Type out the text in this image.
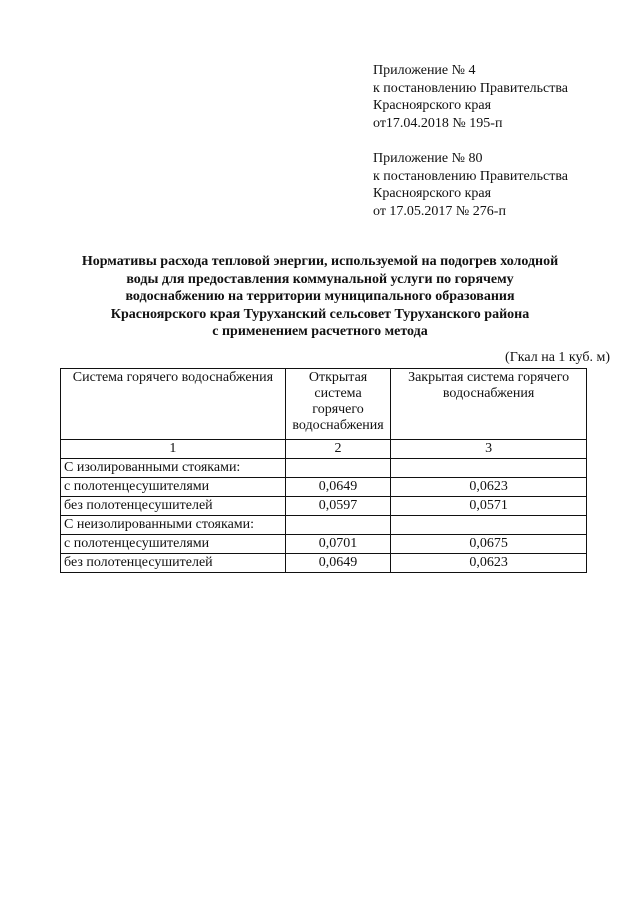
Приложение № 4
к постановлению Правительства
Красноярского края
от17.04.2018 № 195-п
Приложение № 80
к постановлению Правительства
Красноярского края
от 17.05.2017 № 276-п
Нормативы расхода тепловой энергии, используемой на подогрев холодной
воды для предоставления коммунальной услуги по горячему
водоснабжению на территории муниципального образования
Красноярского края Туруханский сельсовет Туруханского района
с применением расчетного метода
(Гкал на 1 куб. м)
Система горячего водоснабжения	Открытая система горячего водоснабжения	Закрытая система горячего водоснабжения
1	2	3
С изолированными стояками:		
с полотенцесушителями	0,0649	0,0623
без полотенцесушителей	0,0597	0,0571
С неизолированными стояками:		
с полотенцесушителями	0,0701	0,0675
без полотенцесушителей	0,0649	0,0623
